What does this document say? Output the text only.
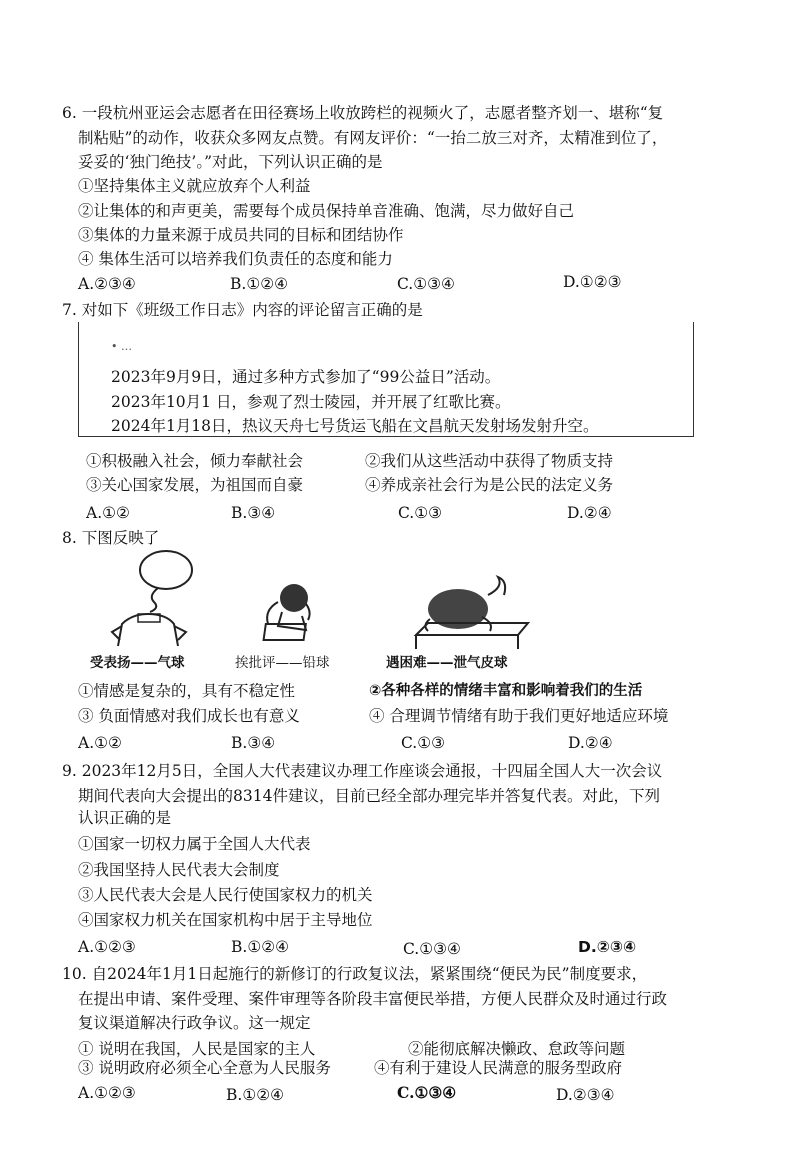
6. 一段杭州亚运会志愿者在田径赛场上收放跨栏的视频火了，志愿者整齐划一、堪称“复
制粘贴”的动作，收获众多网友点赞。有网友评价：“一抬二放三对齐，太精准到位了，
妥妥的‘独门绝技’。”对此，下列认识正确的是
①坚持集体主义就应放弃个人利益
②让集体的和声更美，需要每个成员保持单音准确、饱满，尽力做好自己
③集体的力量来源于成员共同的目标和团结协作
④ 集体生活可以培养我们负责任的态度和能力
A.②③④	B.①②④	C.①③④	D.①②③
7. 对如下《班级工作日志》内容的评论留言正确的是
• …
2023年9月9日，通过多种方式参加了“99公益日”活动。
2023年10月1 日，参观了烈士陵园，并开展了红歌比赛。
2024年1月18日，热议天舟七号货运飞船在文昌航天发射场发射升空。
①积极融入社会，倾力奉献社会	②我们从这些活动中获得了物质支持
③关心国家发展，为祖国而自豪	④养成亲社会行为是公民的法定义务
A.①②	B.③④	C.①③	D.②④
8. 下图反映了
受表扬——气球	挨批评——铅球	遇困难——泄气皮球
①情感是复杂的，具有不稳定性	②各种各样的情绪丰富和影响着我们的生活
③ 负面情感对我们成长也有意义	④ 合理调节情绪有助于我们更好地适应环境
A.①②	B.③④	C.①③	D.②④
9. 2023年12月5日，全国人大代表建议办理工作座谈会通报，十四届全国人大一次会议
期间代表向大会提出的8314件建议，目前已经全部办理完毕并答复代表。对此，下列
认识正确的是
①国家一切权力属于全国人大代表
②我国坚持人民代表大会制度
③人民代表大会是人民行使国家权力的机关
④国家权力机关在国家机构中居于主导地位
A.①②③	B.①②④	C.①③④	D.②③④
10. 自2024年1月1日起施行的新修订的行政复议法，紧紧围绕“便民为民”制度要求，
在提出申请、案件受理、案件审理等各阶段丰富便民举措，方便人民群众及时通过行政
复议渠道解决行政争议。这一规定
① 说明在我国，人民是国家的主人	②能彻底解决懒政、怠政等问题
③ 说明政府必须全心全意为人民服务	④有利于建设人民满意的服务型政府
A.①②③	B.①②④	C.①③④	D.②③④
